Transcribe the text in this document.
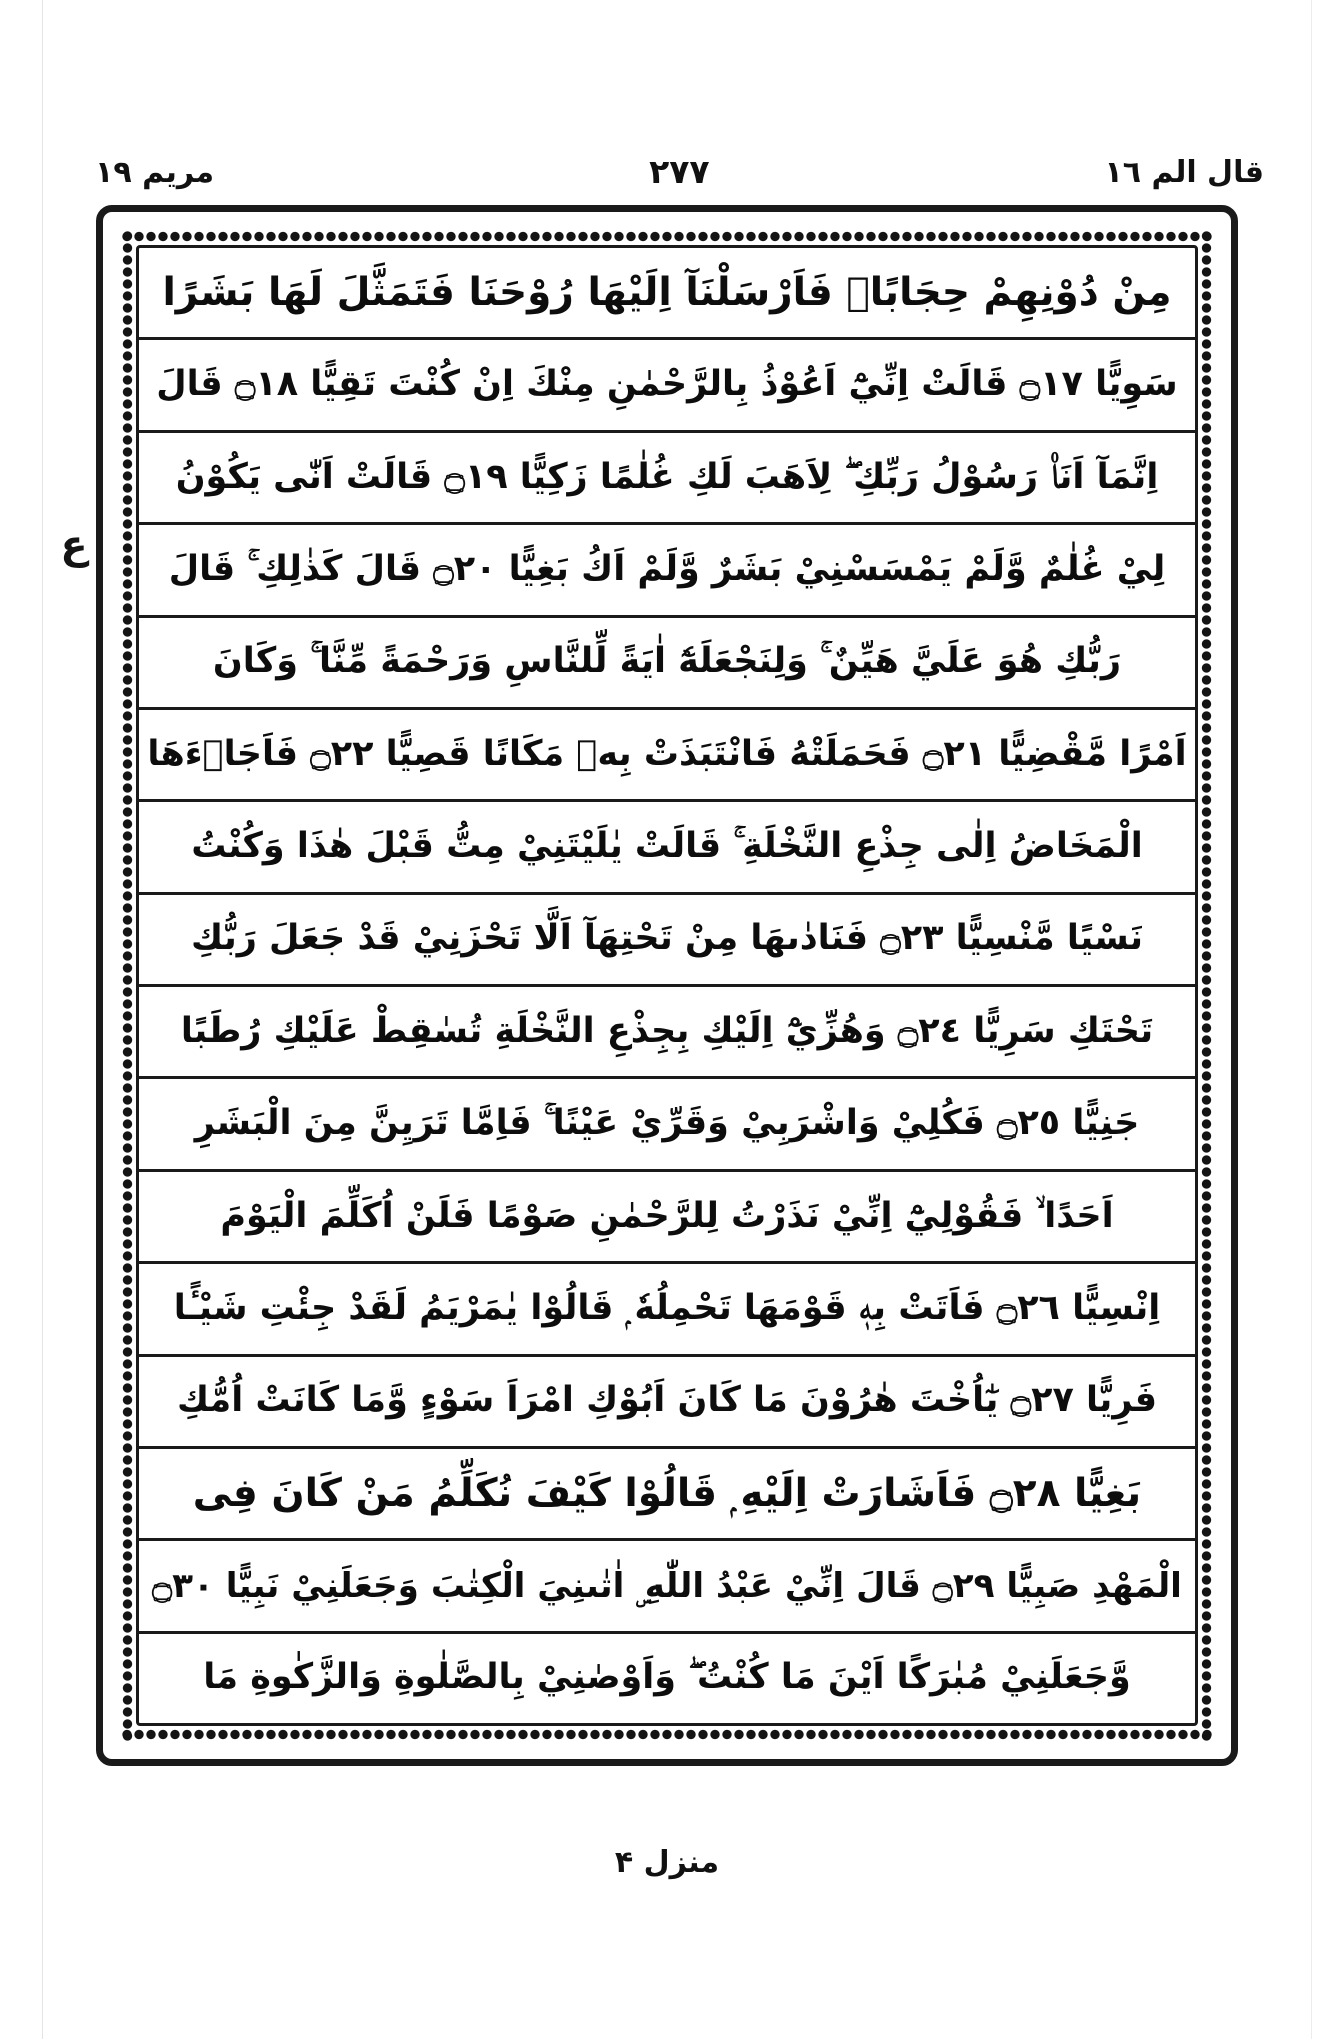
قال الم ١٦
٢٧٧
مريم ١٩
ع
مِنْ دُوْنِهِمْ حِجَابًاۗ فَاَرْسَلْنَآ اِلَيْهَا رُوْحَنَا فَتَمَثَّلَ لَهَا بَشَرًا
سَوِيًّا ۝١٧ قَالَتْ اِنِّيْٓ اَعُوْذُ بِالرَّحْمٰنِ مِنْكَ اِنْ كُنْتَ تَقِيًّا ۝١٨ قَالَ
اِنَّمَآ اَنَا۠ رَسُوْلُ رَبِّكِ ۖ لِاَهَبَ لَكِ غُلٰمًا زَكِيًّا ۝١٩ قَالَتْ اَنّٰى يَكُوْنُ
لِيْ غُلٰمٌ وَّلَمْ يَمْسَسْنِيْ بَشَرٌ وَّلَمْ اَكُ بَغِيًّا ۝٢٠ قَالَ كَذٰلِكِ ۚ قَالَ
رَبُّكِ هُوَ عَلَيَّ هَيِّنٌ ۚ وَلِنَجْعَلَهٗٓ اٰيَةً لِّلنَّاسِ وَرَحْمَةً مِّنَّا ۚ وَكَانَ
اَمْرًا مَّقْضِيًّا ۝٢١ فَحَمَلَتْهُ فَانْتَبَذَتْ بِهٖ مَكَانًا قَصِيًّا ۝٢٢ فَاَجَاۗءَهَا
الْمَخَاضُ اِلٰى جِذْعِ النَّخْلَةِ ۚ قَالَتْ يٰلَيْتَنِيْ مِتُّ قَبْلَ هٰذَا وَكُنْتُ
نَسْيًا مَّنْسِيًّا ۝٢٣ فَنَادٰىهَا مِنْ تَحْتِهَآ اَلَّا تَحْزَنِيْ قَدْ جَعَلَ رَبُّكِ
تَحْتَكِ سَرِيًّا ۝٢٤ وَهُزِّيْٓ اِلَيْكِ بِجِذْعِ النَّخْلَةِ تُسٰقِطْ عَلَيْكِ رُطَبًا
جَنِيًّا ۝٢٥ فَكُلِيْ وَاشْرَبِيْ وَقَرِّيْ عَيْنًا ۚ فَاِمَّا تَرَيِنَّ مِنَ الْبَشَرِ
اَحَدًا ۙ فَقُوْلِيْٓ اِنِّيْ نَذَرْتُ لِلرَّحْمٰنِ صَوْمًا فَلَنْ اُكَلِّمَ الْيَوْمَ
اِنْسِيًّا ۝٢٦ فَاَتَتْ بِهٖ قَوْمَهَا تَحْمِلُهٗ ۭ قَالُوْا يٰمَرْيَمُ لَقَدْ جِئْتِ شَيْـًٔا
فَرِيًّا ۝٢٧ يٰٓاُخْتَ هٰرُوْنَ مَا كَانَ اَبُوْكِ امْرَاَ سَوْءٍ وَّمَا كَانَتْ اُمُّكِ
بَغِيًّا ۝٢٨ فَاَشَارَتْ اِلَيْهِ ۭ قَالُوْا كَيْفَ نُكَلِّمُ مَنْ كَانَ فِى
الْمَهْدِ صَبِيًّا ۝٢٩ قَالَ اِنِّيْ عَبْدُ اللّٰهِ ۣ اٰتٰىنِيَ الْكِتٰبَ وَجَعَلَنِيْ نَبِيًّا ۝٣٠
وَّجَعَلَنِيْ مُبٰرَكًا اَيْنَ مَا كُنْتُ ۖ وَاَوْصٰنِيْ بِالصَّلٰوةِ وَالزَّكٰوةِ مَا
منزل ۴
